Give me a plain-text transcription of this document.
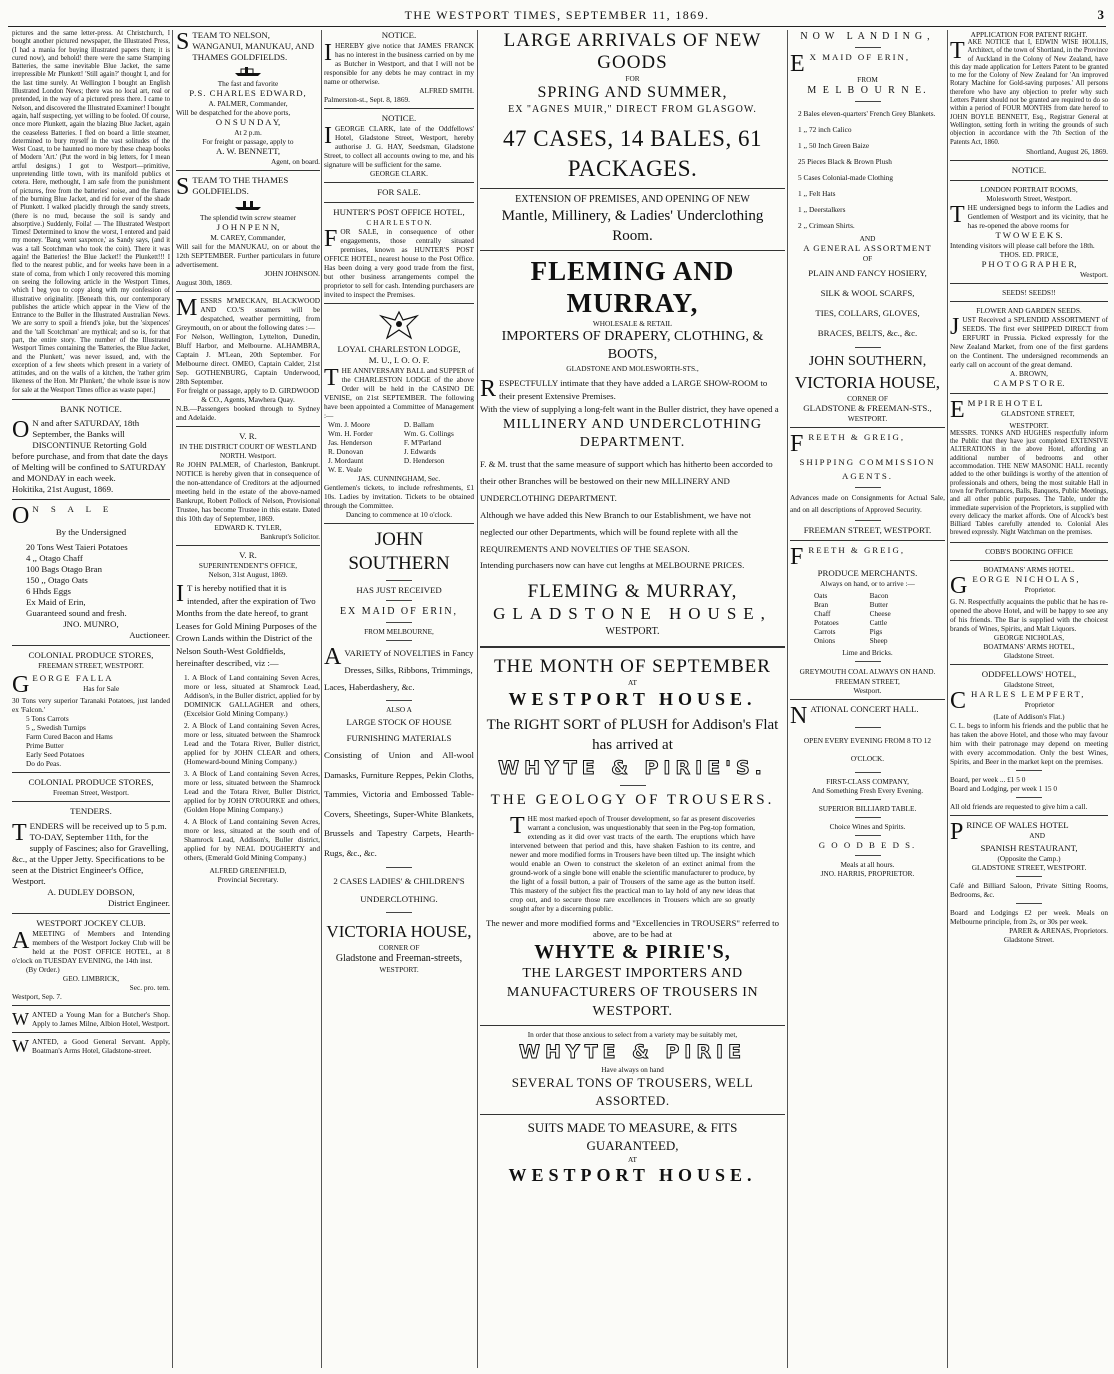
THE WESTPORT TIMES, SEPTEMBER 11, 1869.	3

pictures and the same letter-press. At Christchurch, I bought another pictured newspaper, the Illustrated Press, (I had a mania for buying illustrated papers then; it is cured now), and behold! there were the same Stamping Batteries, the same inevitable Blue Jacket, the same irrepressible Mr Plunkett! 'Still again?' thought I, and for the last time surely. At Wellington I bought an English Illustrated London News; there was no local art, real or pretended, in the way of a pictured press there. I came to Nelson, and discovered the Illustrated Examiner! I bought again, half suspecting, yet willing to be fooled. Of course, once more Plunkett, again the blazing Blue Jacket, again the ceaseless Batteries. I fled on board a little steamer, determined to bury myself in the vast solitudes of the West Coast, to be haunted no more by these cheap books of Modern 'Art.' (Put the word in big letters, for I mean artful designs.) I got to Westport—primitive, unpretending little town, with its manifold publics et cetera. Here, methought, I am safe from the punishment of pictures, free from the batteries' noise, and the flames of the burning Blue Jacket, and rid for ever of the shade of Plunkett. I walked placidly through the sandy streets, (there is no mud, because the soil is sandy and absorptive.) Suddenly, Foila! — The Illustrated Westport Times! Determined to know the worst, I entered and paid my money. 'Bang went saxpence,' as Sandy says, (and it was a tall Scotchman who took the coin). There it was again! the Batteries! the Blue Jacket!! the Plunkett!!! I fled to the nearest public, and for weeks have been in a state of coma, from which I only recovered this morning on seeing the following article in the Westport Times, which I beg you to copy along with my confession of illustrative originality. [Beneath this, our contemporary publishes the article which appear in the View of the Entrance to the Buller in the Illustrated Australian News. We are sorry to spoil a friend's joke, but the 'sixpences' and the 'tall Scotchman' are mythical; and so is, for that part, the entire story. The number of the Illustrated Westport Times containing the 'Batteries, the Blue Jacket, and the Plunkett,' was never issued, and, with the exception of a few sheets which present in a variety of attitudes, and on the walls of a kitchen, the 'rather grim likeness of the Hon. Mr Plunkett,' the whole issue is now for sale at the Westport Times office as waste paper.]

BANK NOTICE.

O N and after SATURDAY, 18th September, the Banks will DISCONTINUE Retorting Gold before purchase, and from that date the days of Melting will be confined to SATURDAY and MONDAY in each week.

Hokitika, 21st August, 1869.

O N S A L E

By the Undersigned

20 Tons West Taieri Potatoes

4 ,, Otago Chaff

100 Bags Otago Bran

150 ,, Otago Oats

6 Hhds Eggs

Ex Maid of Erin,

Guaranteed sound and fresh.

JNO. MUNRO,

Auctioneer.

COLONIAL PRODUCE STORES,

FREEMAN STREET, WESTPORT.

GEORGE FALLA

Has for Sale

30 Tons very superior Taranaki Potatoes, just landed ex 'Falcon.'

5 Tons Carrots

5 ,, Swedish Turnips

Farm Cured Bacon and Hams

Prime Butter

Early Seed Potatoes

Do do Peas.

COLONIAL PRODUCE STORES,

Freeman Street, Westport.

TENDERS.

TENDERS will be received up to 5 p.m. TO-DAY, September 11th, for the supply of Fascines; also for Gravelling, &c., at the Upper Jetty. Specifications to be seen at the District Engineer's Office, Westport.

A. DUDLEY DOBSON,

District Engineer.

WESTPORT JOCKEY CLUB.

AMEETING of Members and Intending members of the Westport Jockey Club will be held at the POST OFFICE HOTEL, at 8 o'clock on TUESDAY EVENING, the 14th inst.

(By Order.)

GEO. LIMBRICK,

Sec. pro. tem.

Westport, Sep. 7.

WANTED a Young Man for a Butcher's Shop. Apply to James Milne, Albion Hotel, Westport.

WANTED, a Good General Servant. Apply, Boatman's Arms Hotel, Gladstone-street.

STEAM TO NELSON, WANGANUI, MANUKAU, AND THAMES GOLDFIELDS.

The fast and favorite

P.S. CHARLES EDWARD,

A. PALMER, Commander,

Will be despatched for the above ports,

O N S U N D A Y,

At 2 p.m.

For freight or passage, apply to

A. W. BENNETT,

Agent, on board.

STEAM TO THE THAMES GOLDFIELDS.

The splendid twin screw steamer

J O H N P E N N,

M. CAREY, Commander,

Will sail for the MANUKAU, on or about the 12th SEPTEMBER. Further particulars in future advertisement.

JOHN JOHNSON.

August 30th, 1869.

MESSRS M'MECKAN, BLACKWOOD AND CO.'S steamers will be despatched, weather permitting, from Greymouth, on or about the following dates :—

For Nelson, Wellington, Lyttelton, Dunedin, Bluff Harbor, and Melbourne. ALHAMBRA, Captain J. M'Lean, 20th September. For Melbourne direct. OMEO, Captain Calder, 21st Sep. GOTHENBURG, Captain Underwood, 28th September.

For freight or passage, apply to D. GIRDWOOD & CO., Agents, Mawhera Quay.

N.B.—Passengers booked through to Sydney and Adelaide.

V. R.

IN THE DISTRICT COURT OF WESTLAND NORTH. Westport.

Re JOHN PALMER, of Charleston, Bankrupt. NOTICE is hereby given that in consequence of the non-attendance of Creditors at the adjourned meeting held in the estate of the above-named Bankrupt, Robert Pollock of Nelson, Provisional Trustee, has become Trustee in this estate. Dated this 10th day of September, 1869.

EDWARD K. TYLER,

Bankrupt's Solicitor.

V. R.

SUPERINTENDENT'S OFFICE,

Nelson, 31st August, 1869.

I T is hereby notified that it is intended, after the expiration of Two Months from the date hereof, to grant Leases for Gold Mining Purposes of the Crown Lands within the District of the Nelson South-West Goldfields, hereinafter described, viz :—

1. A Block of Land containing Seven Acres, more or less, situated at Shamrock Lead, Addison's, in the Buller district, applied for by DOMINICK GALLAGHER and others, (Excelsior Gold Mining Company.)

2. A Block of Land containing Seven Acres, more or less, situated between the Shamrock Lead and the Totara River, Buller district, applied for by JOHN CLEAR and others, (Homeward-bound Mining Company.)

3. A Block of Land containing Seven Acres, more or less, situated between the Shamrock Lead and the Totara River, Buller District, applied for by JOHN O'ROURKE and others, (Golden Hope Mining Company.)

4. A Block of Land containing Seven Acres, more or less, situated at the south end of Shamrock Lead, Addison's, Buller district, applied for by NEAL DOUGHERTY and others, (Emerald Gold Mining Company.)

ALFRED GREENFIELD,

Provincial Secretary.

NOTICE.

IHEREBY give notice that JAMES FRANCK has no interest in the business carried on by me as Butcher in Westport, and that I will not be responsible for any debts he may contract in my name or otherwise.

ALFRED SMITH.

Palmerston-st., Sept. 8, 1869.

NOTICE.

IGEORGE CLARK, late of the Oddfellows' Hotel, Gladstone Street, Westport, hereby authorise J. G. HAY, Seedsman, Gladstone Street, to collect all accounts owing to me, and his signature will be sufficient for the same.

GEORGE CLARK.

FOR SALE.

HUNTER'S POST OFFICE HOTEL,

C H A R L E S T O N.

FOR SALE, in consequence of other engagements, those centrally situated premises, known as HUNTER'S POST OFFICE HOTEL, nearest house to the Post Office. Has been doing a very good trade from the first, but other business arrangements compel the proprietor to sell for cash. Intending purchasers are invited to inspect the Premises.

LOYAL CHARLESTON LODGE,

M. U., I. O. O. F.

THE ANNIVERSARY BALL and SUPPER of the CHARLESTON LODGE of the above Order will be held in the CASINO DE VENISE, on 21st SEPTEMBER. The following have been appointed a Committee of Management :—

Wm. J. Moore	D. Ballam
Wm. H. Forder	Wm. G. Collings
Jas. Henderson	F. M'Parland
R. Donovan	J. Edwards
J. Mordaunt	D. Henderson
W. E. Veale

JAS. CUNNINGHAM, Sec.

Gentlemen's tickets, to include refreshments, £1 10s. Ladies by invitation. Tickets to be obtained through the Committee.

Dancing to commence at 10 o'clock.

JOHN SOUTHERN

HAS JUST RECEIVED

EX MAID OF ERIN,

FROM MELBOURNE,

AVARIETY of NOVELTIES in Fancy Dresses, Silks, Ribbons, Trimmings, Laces, Haberdashery, &c.

ALSO A

LARGE STOCK OF HOUSE FURNISHING MATERIALS

Consisting of Union and All-wool Damasks, Furniture Reppes, Pekin Cloths, Tammies, Victoria and Embossed Table-Covers, Sheetings, Super-White Blankets, Brussels and Tapestry Carpets, Hearth-Rugs, &c., &c.

2 CASES LADIES' & CHILDREN'S UNDERCLOTHING.

VICTORIA HOUSE,

CORNER OF

Gladstone and Freeman-streets,

WESTPORT.

LARGE ARRIVALS OF NEW GOODS

FOR

SPRING AND SUMMER,

EX "AGNES MUIR," DIRECT FROM GLASGOW.

47 CASES, 14 BALES, 61 PACKAGES.

EXTENSION OF PREMISES, AND OPENING OF NEW

Mantle, Millinery, & Ladies' Underclothing Room.

FLEMING AND MURRAY,

WHOLESALE & RETAIL

IMPORTERS OF DRAPERY, CLOTHING, & BOOTS,

GLADSTONE AND MOLESWORTH-STS.,

RESPECTFULLY intimate that they have added a LARGE SHOW-ROOM to their present Extensive Premises.

With the view of supplying a long-felt want in the Buller district, they have opened a

MILLINERY AND UNDERCLOTHING DEPARTMENT.

F. & M. trust that the same measure of support which has hitherto been accorded to their other Branches will be bestowed on their new MILLINERY AND UNDERCLOTHING DEPARTMENT.

Although we have added this New Branch to our Establishment, we have not neglected our other Departments, which will be found replete with all the REQUIREMENTS AND NOVELTIES OF THE SEASON.

Intending purchasers now can have cut lengths at MELBOURNE PRICES.

FLEMING & MURRAY,

GLADSTONE HOUSE,

WESTPORT.

THE MONTH OF SEPTEMBER

AT

WESTPORT HOUSE.

The RIGHT SORT of PLUSH for Addison's Flat

has arrived at

WHYTE & PIRIE'S.

THE GEOLOGY OF TROUSERS.

THE most marked epoch of Trouser development, so far as present discoveries warrant a conclusion, was unquestionably that seen in the Peg-top formation, extending as it did over vast tracts of the earth. The eruptions which have intervened between that period and this, have shaken Fashion to its centre, and newer and more modified forms in Trousers have been tilted up. The insight which would enable an Owen to construct the skeleton of an extinct animal from the ground-work of a single bone will enable the scientific manufacturer to produce, by the light of a fossil button, a pair of Trousers of the same age as the button itself. This mastery of the subject fits the practical man to lay hold of any new ideas that crop out, and to secure those rare excellences in Trousers which are so greatly sought after by a discerning public.

The newer and more modified forms and "Excellencies in TROUSERS" referred to above, are to be had at

WHYTE & PIRIE'S,

THE LARGEST IMPORTERS AND MANUFACTURERS OF TROUSERS IN WESTPORT.

In order that those anxious to select from a variety may be suitably met,

WHYTE & PIRIE

Have always on hand

SEVERAL TONS OF TROUSERS, WELL ASSORTED.

SUITS MADE TO MEASURE, & FITS GUARANTEED,

AT

WESTPORT HOUSE.

NOW LANDING,

E X MAID OF ERIN,

FROM

M E L B O U R N E.

2 Bales eleven-quarters' French Grey Blankets.

1 ,, 72 inch Calico

1 ,, 50 Inch Green Baize

25 Pieces Black & Brown Plush

5 Cases Colonial-made Clothing

1 ,, Felt Hats

1 ,, Deerstalkers

2 ,, Crimean Shirts.

AND

A GENERAL ASSORTMENT

OF

PLAIN AND FANCY HOSIERY,

SILK & WOOL SCARFS,

TIES, COLLARS, GLOVES,

BRACES, BELTS, &c., &c.

JOHN SOUTHERN,

VICTORIA HOUSE,

CORNER OF

GLADSTONE & FREEMAN-STS.,

WESTPORT.

FREETH & GREIG,

SHIPPING COMMISSION AGENTS.

Advances made on Consignments for Actual Sale, and on all descriptions of Approved Security.

FREEMAN STREET, WESTPORT.

FREETH & GREIG,

PRODUCE MERCHANTS.

Always on hand, or to arrive :—

Oats	Bacon
Bran	Butter
Chaff	Cheese
Potatoes	Cattle
Carrots	Pigs
Onions	Sheep

Lime and Bricks.

GREYMOUTH COAL ALWAYS ON HAND.

FREEMAN STREET,

Westport.

NATIONAL CONCERT HALL.

OPEN EVERY EVENING FROM 8 TO 12 O'CLOCK.

FIRST-CLASS COMPANY,

And Something Fresh Every Evening.

SUPERIOR BILLIARD TABLE.

Choice Wines and Spirits.

G O O D B E D S.

Meals at all hours.

JNO. HARRIS, PROPRIETOR.

APPLICATION FOR PATENT RIGHT.

TAKE NOTICE that I, EDWIN WISE HOLLIS, Architect, of the town of Shortland, in the Province of Auckland in the Colony of New Zealand, have this day made application for Letters Patent to be granted to me for the Colony of New Zealand for 'An improved Rotary Machine for Gold-saving purposes.' All persons therefore who have any objection to prefer why such Letters Patent should not be granted are required to do so within a period of FOUR MONTHS from date hereof to JOHN BOYLE BENNETT, Esq., Registrar General at Wellington, setting forth in writing the grounds of such objection in accordance with the 7th Section of the Patents Act, 1860.

Shortland, August 26, 1869.

NOTICE.

LONDON PORTRAIT ROOMS,

Molesworth Street, Westport.

THE undersigned begs to inform the Ladies and Gentlemen of Westport and its vicinity, that he has re-opened the above rooms for

T W O W E E K S.

Intending visitors will please call before the 18th.

THOS. ED. PRICE,

P H O T O G R A P H E R,

Westport.

SEEDS! SEEDS!!

FLOWER AND GARDEN SEEDS.

JUST Received a SPLENDID ASSORTMENT of SEEDS. The first ever SHIPPED DIRECT from ERFURT in Prussia. Picked expressly for the New Zealand Market, from one of the first gardens on the Continent. The undersigned recommends an early call on account of the great demand.

A. BROWN,

C A M P S T O R E.

E M P I R E H O T E L

GLADSTONE STREET,

WESTPORT.

MESSRS. TONKS AND HUGHES respectfully inform the Public that they have just completed EXTENSIVE ALTERATIONS in the above Hotel, affording an additional number of bedrooms and other accommodation. THE NEW MASONIC HALL recently added to the other buildings is worthy of the attention of professionals and others, being the most suitable Hall in town for Performances, Balls, Banquets, Public Meetings, and all other public purposes. The Table, under the immediate supervision of the Proprietors, is supplied with every delicacy the market affords. One of Alcock's best Billiard Tables carefully attended to. Colonial Ales brewed expressly. Night Watchman on the premises.

COBB'S BOOKING OFFICE

BOATMANS' ARMS HOTEL.

GEORGE NICHOLAS,

Proprietor.

G. N. Respectfully acquaints the public that he has re-opened the above Hotel, and will be happy to see any of his friends. The Bar is supplied with the choicest brands of Wines, Spirits, and Malt Liquors.

GEORGE NICHOLAS,

BOATMANS' ARMS HOTEL,

Gladstone Street.

ODDFELLOWS' HOTEL,

Gladstone Street,

CHARLES LEMPFERT,

Proprietor

(Late of Addison's Flat.)

C. L. begs to inform his friends and the public that he has taken the above Hotel, and those who may favour him with their patronage may depend on meeting with every accommodation. Only the best Wines, Spirits, and Beer in the market kept on the premises.

Board, per week ... £1 5 0

Board and Lodging, per week 1 15 0

All old friends are requested to give him a call.

PRINCE OF WALES HOTEL

AND

SPANISH RESTAURANT,

(Opposite the Camp.)

GLADSTONE STREET, WESTPORT.

Café and Billiard Saloon, Private Sitting Rooms, Bedrooms, &c.

Board and Lodgings £2 per week. Meals on Melbourne principle, from 2s, or 30s per week.

PARER & ARENAS, Proprietors.

Gladstone Street.
